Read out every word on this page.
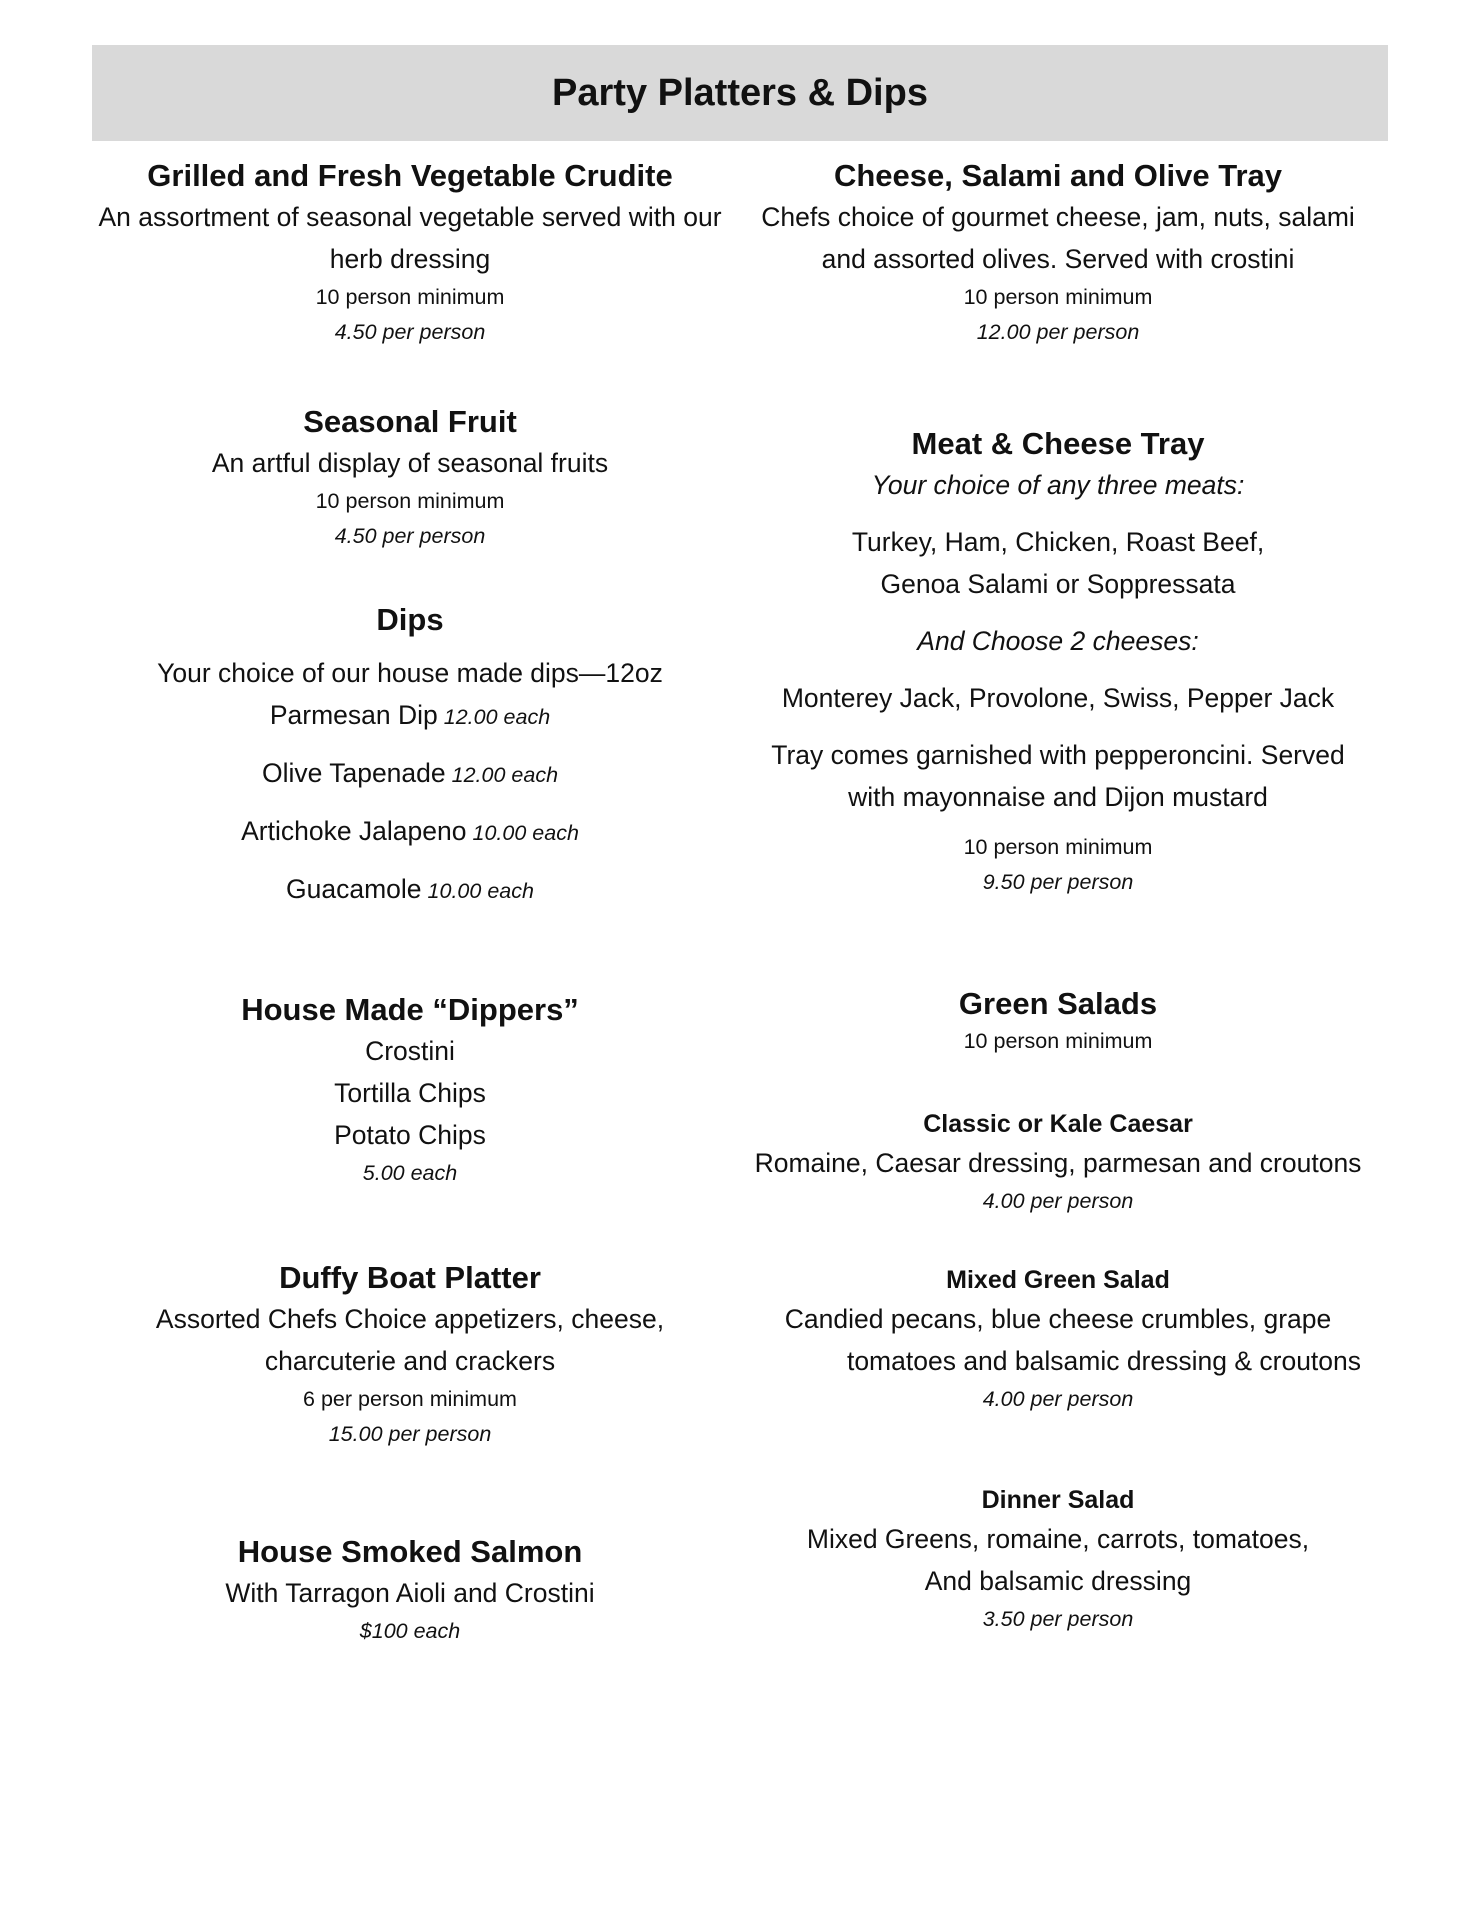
Party Platters & Dips

Grilled and Fresh Vegetable Crudite

An assortment of seasonal vegetable served with our

herb dressing

10 person minimum

4.50 per person

Seasonal Fruit

An artful display of seasonal fruits

10 person minimum

4.50 per person

Dips

Your choice of our house made dips—12oz

Parmesan Dip 12.00 each

Olive Tapenade 12.00 each

Artichoke Jalapeno 10.00 each

Guacamole 10.00 each

House Made “Dippers”

Crostini

Tortilla Chips

Potato Chips

5.00 each

Duffy Boat Platter

Assorted Chefs Choice appetizers, cheese,

charcuterie and crackers

6 per person minimum

15.00 per person

House Smoked Salmon

With Tarragon Aioli and Crostini

$100 each

Cheese, Salami and Olive Tray

Chefs choice of gourmet cheese, jam, nuts, salami

and assorted olives. Served with crostini

10 person minimum

12.00 per person

Meat & Cheese Tray

Your choice of any three meats:

Turkey, Ham, Chicken, Roast Beef,

Genoa Salami or Soppressata

And Choose 2 cheeses:

Monterey Jack, Provolone, Swiss, Pepper Jack

Tray comes garnished with pepperoncini. Served

with mayonnaise and Dijon mustard

10 person minimum

9.50 per person

Green Salads

10 person minimum

Classic or Kale Caesar

Romaine, Caesar dressing, parmesan and croutons

4.00 per person

Mixed Green Salad

Candied pecans, blue cheese crumbles, grape

tomatoes and balsamic dressing & croutons

4.00 per person

Dinner Salad

Mixed Greens, romaine, carrots, tomatoes,

And balsamic dressing

3.50 per person
